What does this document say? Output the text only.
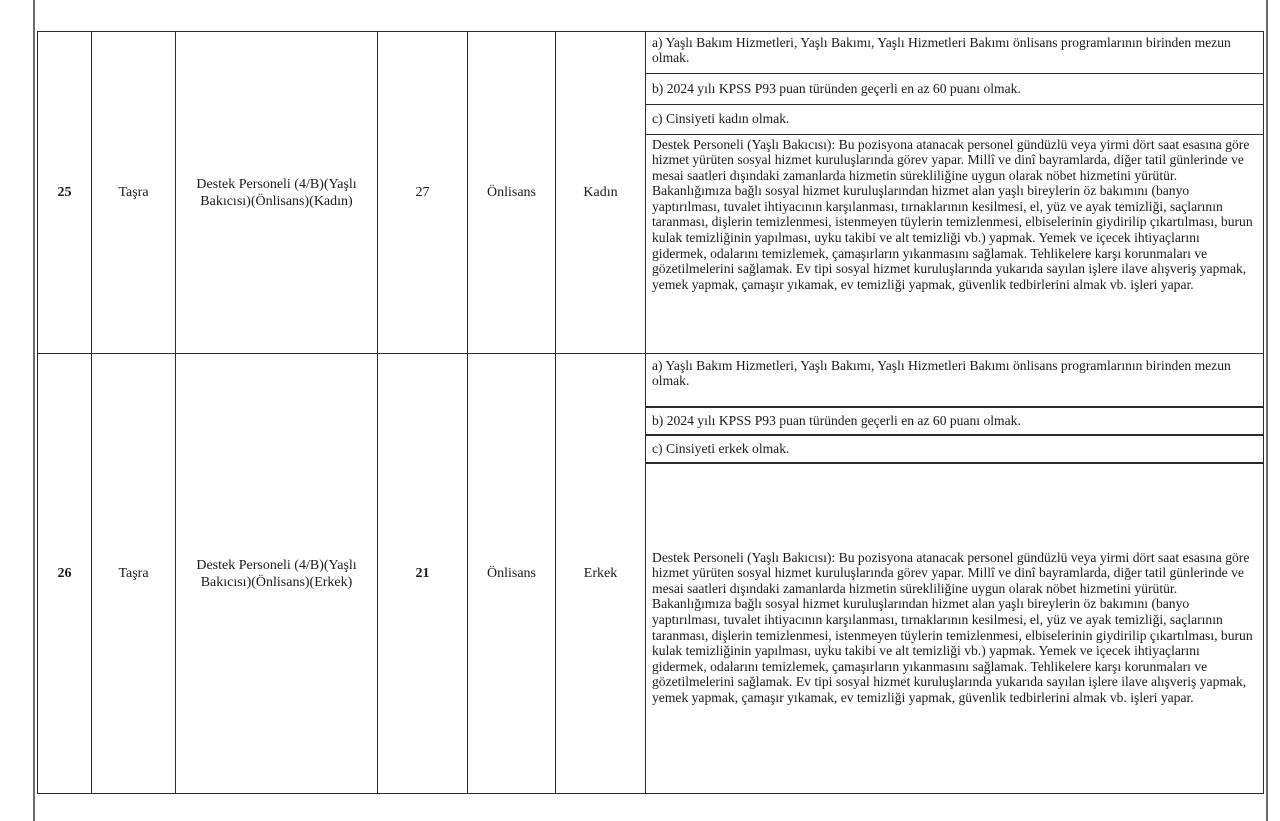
25	Taşra	Destek Personeli (4/B)(Yaşlı Bakıcısı)(Önlisans)(Kadın)	27	Önlisans	Kadın	a) Yaşlı Bakım Hizmetleri, Yaşlı Bakımı, Yaşlı Hizmetleri Bakımı önlisans programlarının birinden mezun olmak.
b) 2024 yılı KPSS P93 puan türünden geçerli en az 60 puanı olmak.
c) Cinsiyeti kadın olmak.
Destek Personeli (Yaşlı Bakıcısı): Bu pozisyona atanacak personel gündüzlü veya yirmi dört saat esasına göre hizmet yürüten sosyal hizmet kuruluşlarında görev yapar. Millî ve dinî bayramlarda, diğer tatil günlerinde ve mesai saatleri dışındaki zamanlarda hizmetin sürekliliğine uygun olarak nöbet hizmetini yürütür. Bakanlığımıza bağlı sosyal hizmet kuruluşlarından hizmet alan yaşlı bireylerin öz bakımını (banyo yaptırılması, tuvalet ihtiyacının karşılanması, tırnaklarının kesilmesi, el, yüz ve ayak temizliği, saçlarının taranması, dişlerin temizlenmesi, istenmeyen tüylerin temizlenmesi, elbiselerinin giydirilip çıkartılması, burun kulak temizliğinin yapılması, uyku takibi ve alt temizliği vb.) yapmak. Yemek ve içecek ihtiyaçlarını gidermek, odalarını temizlemek, çamaşırların yıkanmasını sağlamak. Tehlikelere karşı korunmaları ve gözetilmelerini sağlamak. Ev tipi sosyal hizmet kuruluşlarında yukarıda sayılan işlere ilave alışveriş yapmak, yemek yapmak, çamaşır yıkamak, ev temizliği yapmak, güvenlik tedbirlerini almak vb. işleri yapar.

26	Taşra	Destek Personeli (4/B)(Yaşlı Bakıcısı)(Önlisans)(Erkek)	21	Önlisans	Erkek	a) Yaşlı Bakım Hizmetleri, Yaşlı Bakımı, Yaşlı Hizmetleri Bakımı önlisans programlarının birinden mezun olmak.
b) 2024 yılı KPSS P93 puan türünden geçerli en az 60 puanı olmak.
c) Cinsiyeti erkek olmak.
Destek Personeli (Yaşlı Bakıcısı): Bu pozisyona atanacak personel gündüzlü veya yirmi dört saat esasına göre hizmet yürüten sosyal hizmet kuruluşlarında görev yapar. Millî ve dinî bayramlarda, diğer tatil günlerinde ve mesai saatleri dışındaki zamanlarda hizmetin sürekliliğine uygun olarak nöbet hizmetini yürütür. Bakanlığımıza bağlı sosyal hizmet kuruluşlarından hizmet alan yaşlı bireylerin öz bakımını (banyo yaptırılması, tuvalet ihtiyacının karşılanması, tırnaklarının kesilmesi, el, yüz ve ayak temizliği, saçlarının taranması, dişlerin temizlenmesi, istenmeyen tüylerin temizlenmesi, elbiselerinin giydirilip çıkartılması, burun kulak temizliğinin yapılması, uyku takibi ve alt temizliği vb.) yapmak. Yemek ve içecek ihtiyaçlarını gidermek, odalarını temizlemek, çamaşırların yıkanmasını sağlamak. Tehlikelere karşı korunmaları ve gözetilmelerini sağlamak. Ev tipi sosyal hizmet kuruluşlarında yukarıda sayılan işlere ilave alışveriş yapmak, yemek yapmak, çamaşır yıkamak, ev temizliği yapmak, güvenlik tedbirlerini almak vb. işleri yapar.
